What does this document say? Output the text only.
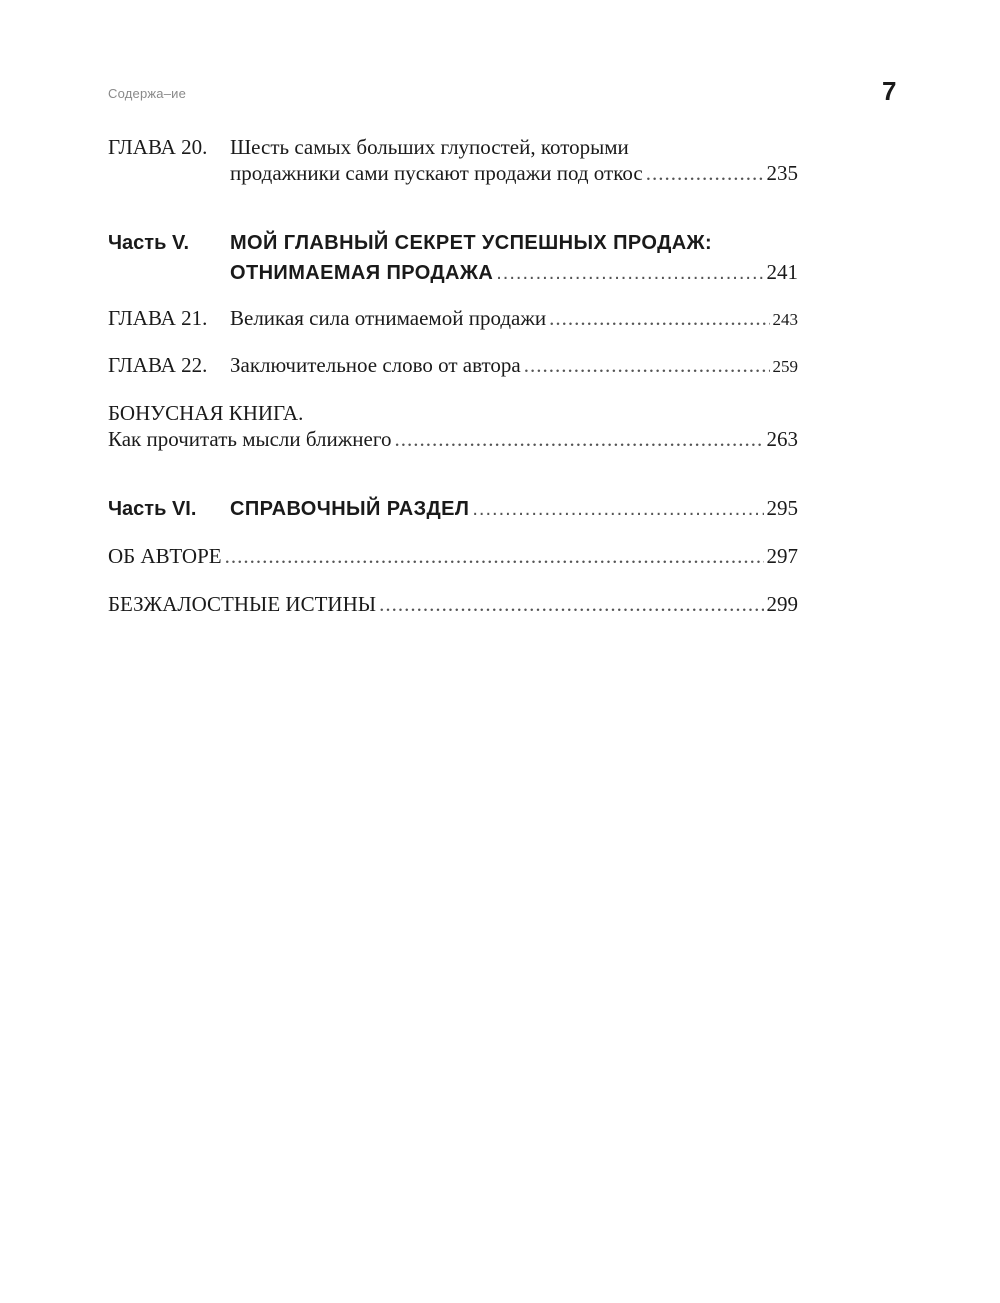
Содержа–ие	7
ГЛАВА 20.	Шесть самых больших глупостей, которыми
продажники сами пускают продажи под откос .....	235
Часть V.	МОЙ ГЛАВНЫЙ СЕКРЕТ УСПЕШНЫХ ПРОДАЖ:
ОТНИМАЕМАЯ ПРОДАЖА .....	241
ГЛАВА 21.	Великая сила отнимаемой продажи .....	243
ГЛАВА 22.	Заключительное слово от автора .....	259
БОНУСНАЯ КНИГА.
Как прочитать мысли ближнего .....	263
Часть VI.	СПРАВОЧНЫЙ РАЗДЕЛ .....	295
ОБ АВТОРЕ .....	297
БЕЗЖАЛОСТНЫЕ ИСТИНЫ .....	299
